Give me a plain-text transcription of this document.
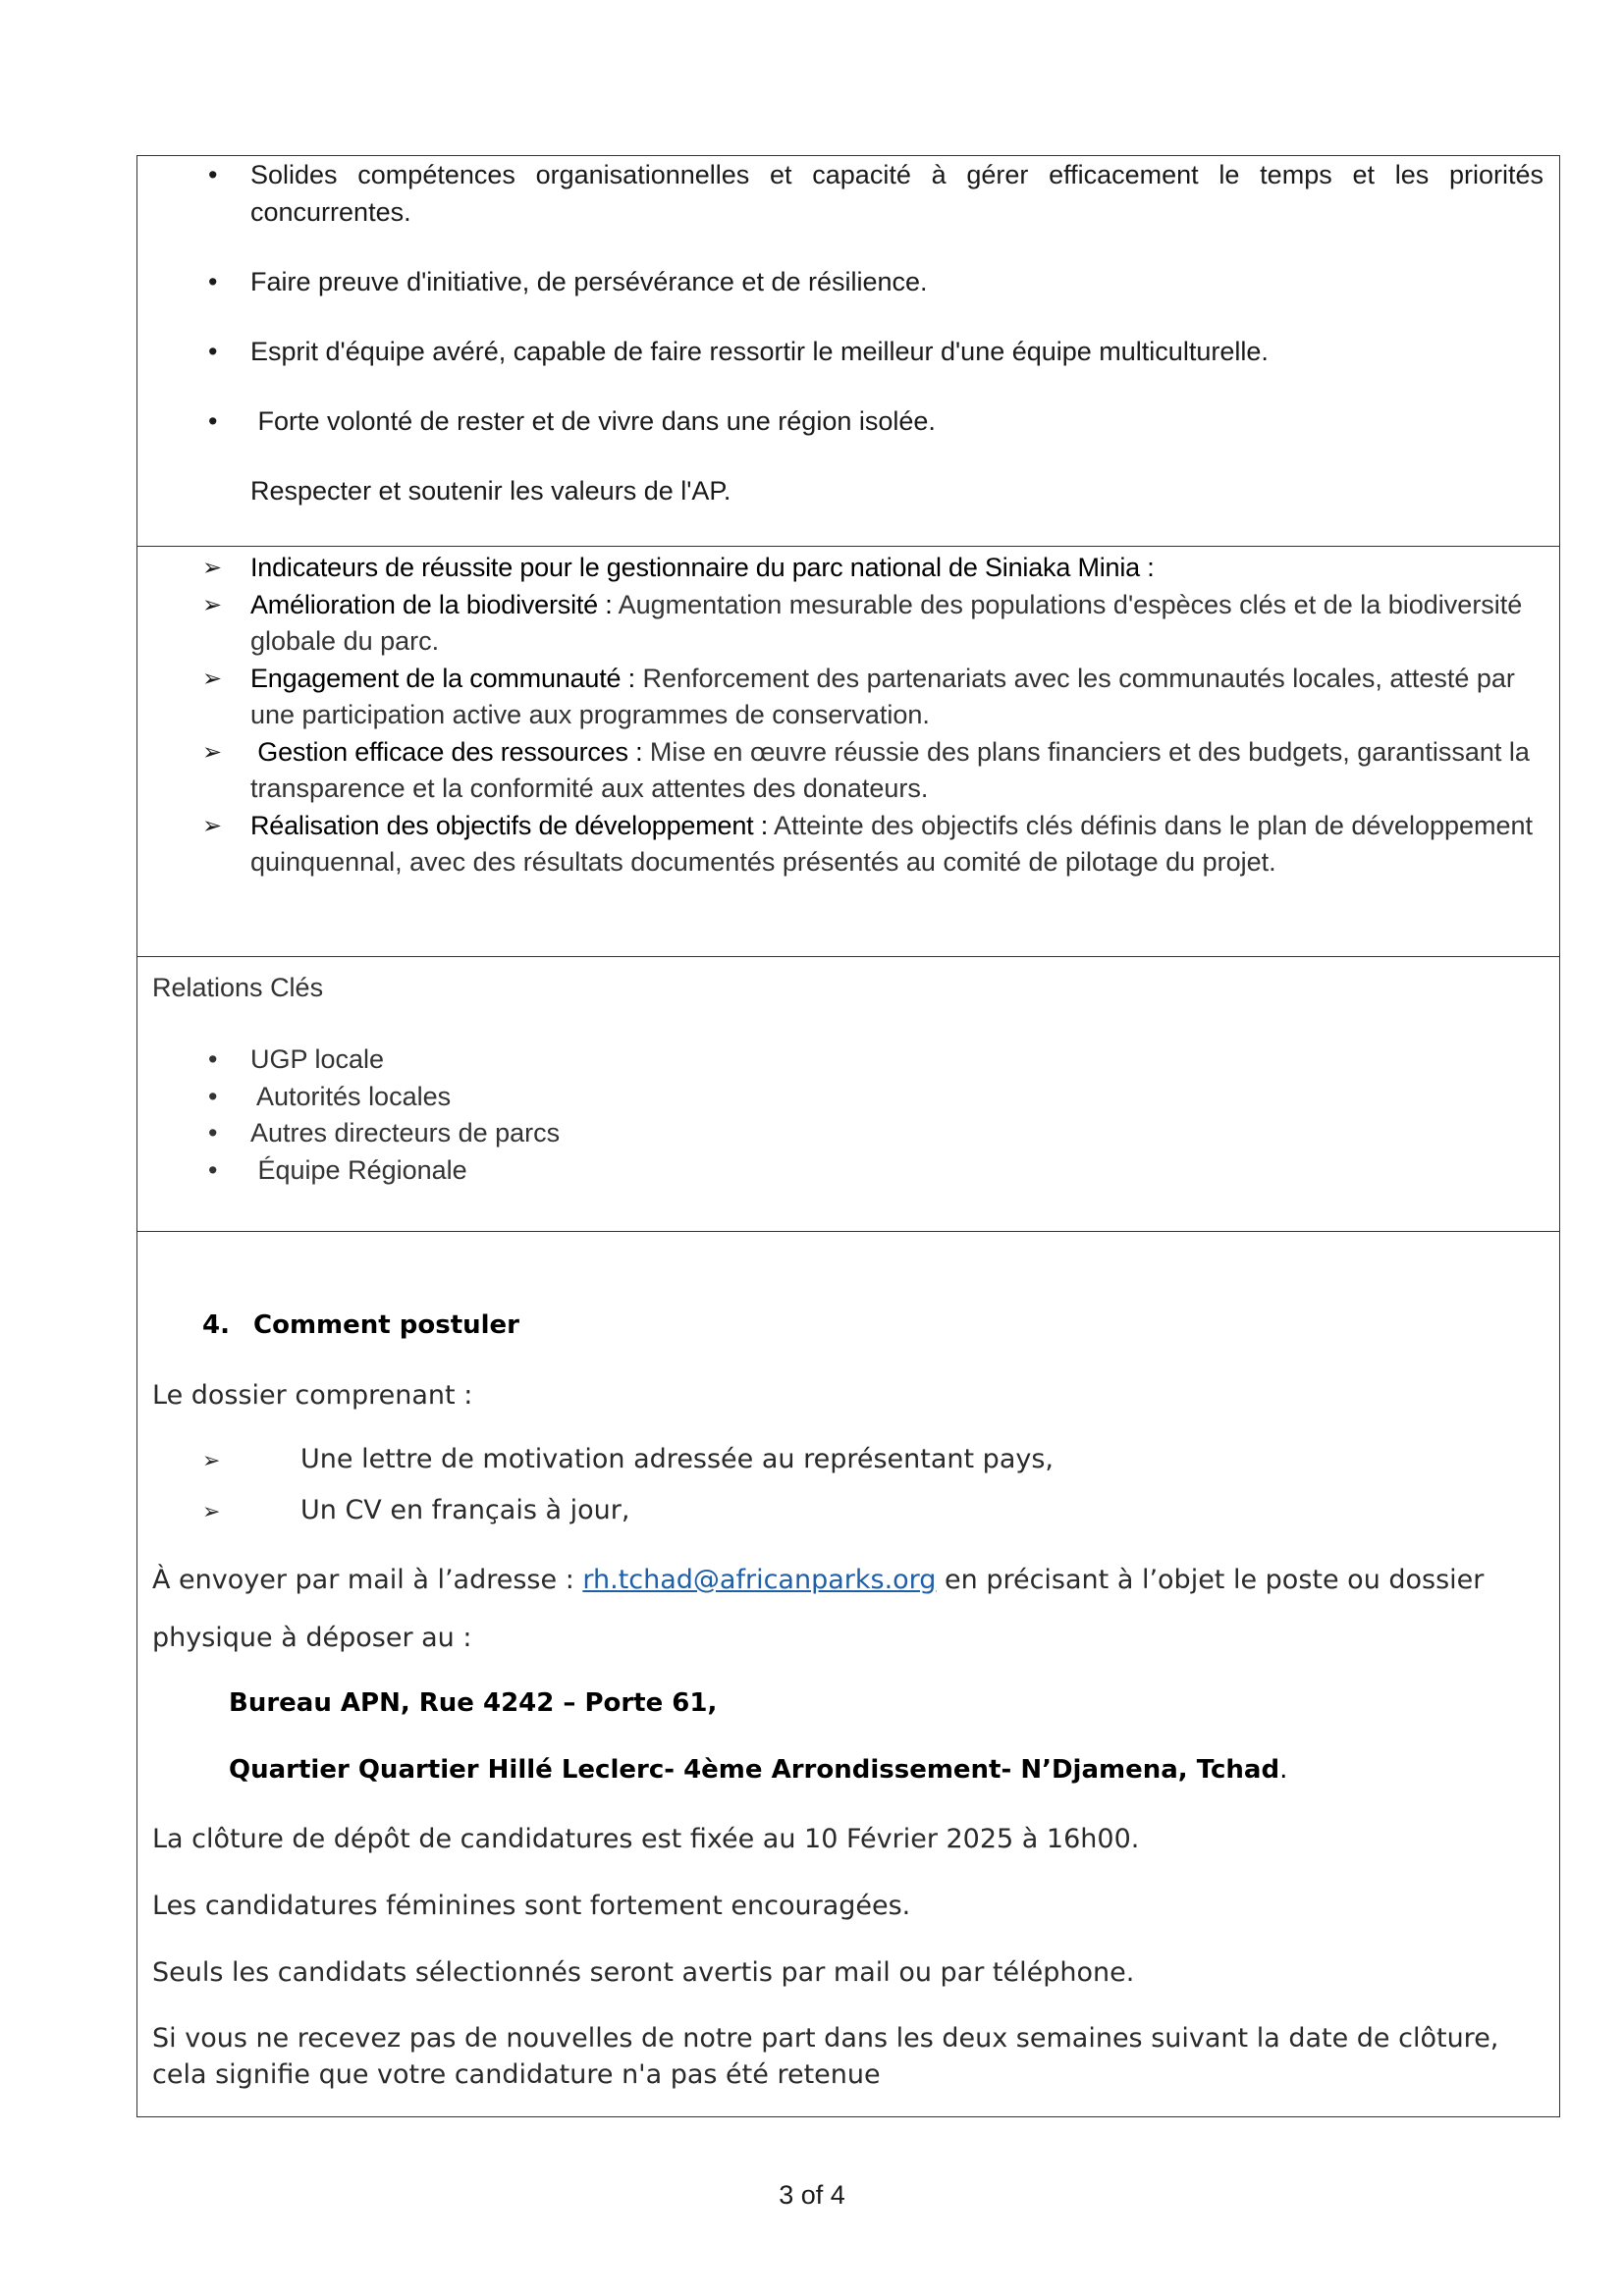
• Solides compétences organisationnelles et capacité à gérer efficacement le temps et les priorités concurrentes.
• Faire preuve d'initiative, de persévérance et de résilience.
• Esprit d'équipe avéré, capable de faire ressortir le meilleur d'une équipe multiculturelle.
• Forte volonté de rester et de vivre dans une région isolée.
Respecter et soutenir les valeurs de l'AP.
➢ Indicateurs de réussite pour le gestionnaire du parc national de Siniaka Minia :
➢ Amélioration de la biodiversité : Augmentation mesurable des populations d'espèces clés et de la biodiversité globale du parc.
➢ Engagement de la communauté : Renforcement des partenariats avec les communautés locales, attesté par une participation active aux programmes de conservation.
➢ Gestion efficace des ressources : Mise en œuvre réussie des plans financiers et des budgets, garantissant la transparence et la conformité aux attentes des donateurs.
➢ Réalisation des objectifs de développement : Atteinte des objectifs clés définis dans le plan de développement quinquennal, avec des résultats documentés présentés au comité de pilotage du projet.
Relations Clés
• UGP locale
• Autorités locales
• Autres directeurs de parcs
• Équipe Régionale
4. Comment postuler
Le dossier comprenant :
➢	Une lettre de motivation adressée au représentant pays,
➢	Un CV en français à jour,
À envoyer par mail à l’adresse : rh.tchad@africanparks.org en précisant à l’objet le poste ou dossier
physique à déposer au :
Bureau APN, Rue 4242 – Porte 61,
Quartier Quartier Hillé Leclerc- 4ème Arrondissement- N’Djamena, Tchad.
La clôture de dépôt de candidatures est fixée au 10 Février 2025 à 16h00.
Les candidatures féminines sont fortement encouragées.
Seuls les candidats sélectionnés seront avertis par mail ou par téléphone.
Si vous ne recevez pas de nouvelles de notre part dans les deux semaines suivant la date de clôture,
cela signifie que votre candidature n'a pas été retenue
3 of 4
